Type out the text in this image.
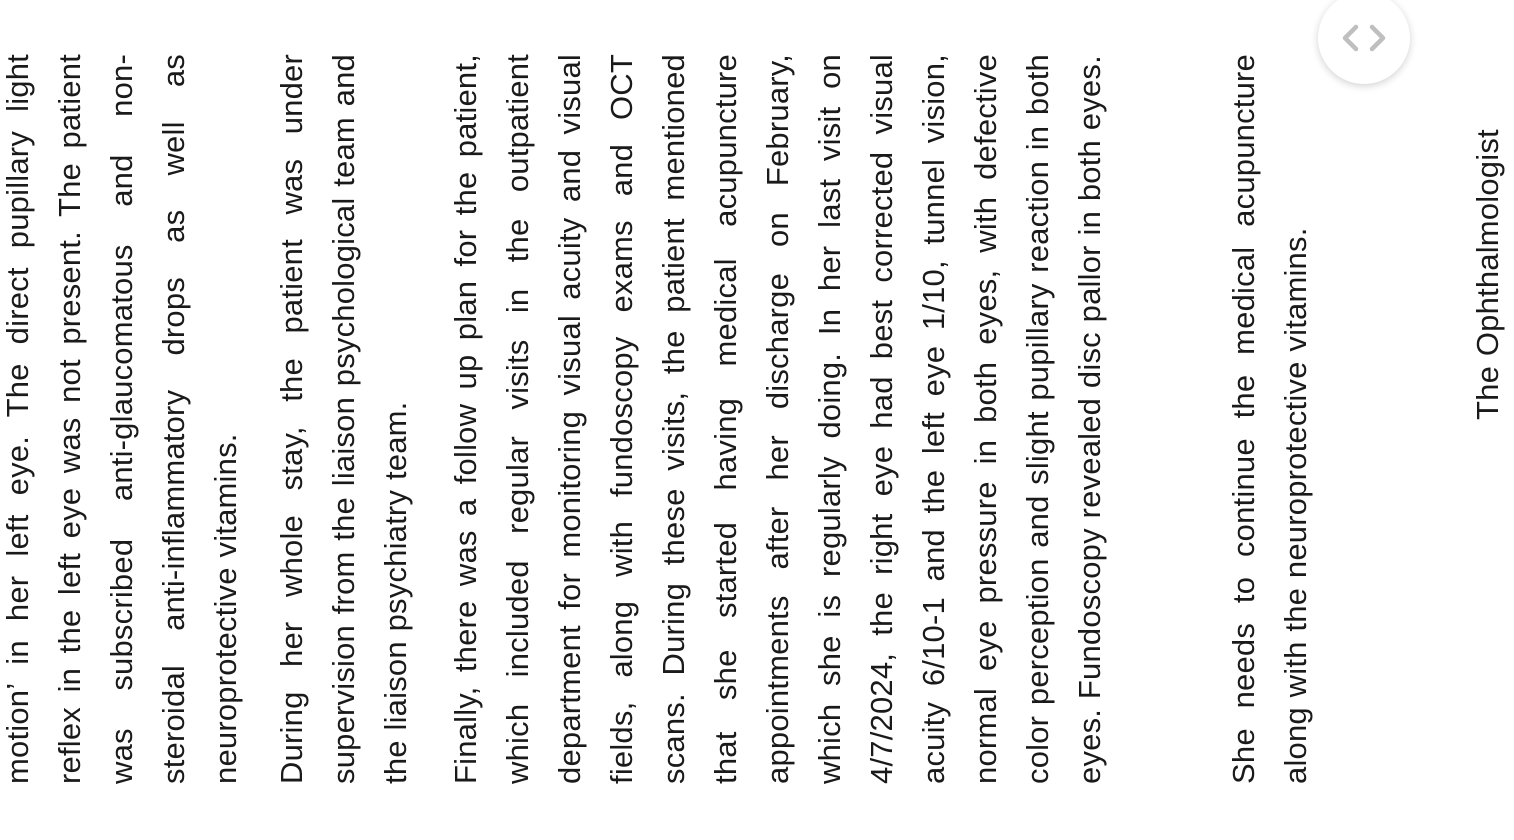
motion’ in her left eye. The direct pupillary light reflex in the left eye was not present. The patient was subscribed anti-glaucomatous and non-steroidal anti-inflammatory drops as well as neuroprotective vitamins. During her whole stay, the patient was under supervision from the liaison psychological team and the liaison psychiatry team. Finally, there was a follow up plan for the patient, which included regular visits in the outpatient department for monitoring visual acuity and visual fields, along with fundoscopy exams and OCT scans. During these visits, the patient mentioned that she started having medical acupuncture appointments after her discharge on February, which she is regularly doing. In her last visit on 4/7/2024, the right eye had best corrected visual acuity 6/10-1 and the left eye 1/10, tunnel vision, normal eye pressure in both eyes, with defective color perception and slight pupillary reaction in both eyes. Fundoscopy revealed disc pallor in both eyes.	She needs to continue the medical acupuncture along with the neuroprotective vitamins.	The Ophthalmologist
